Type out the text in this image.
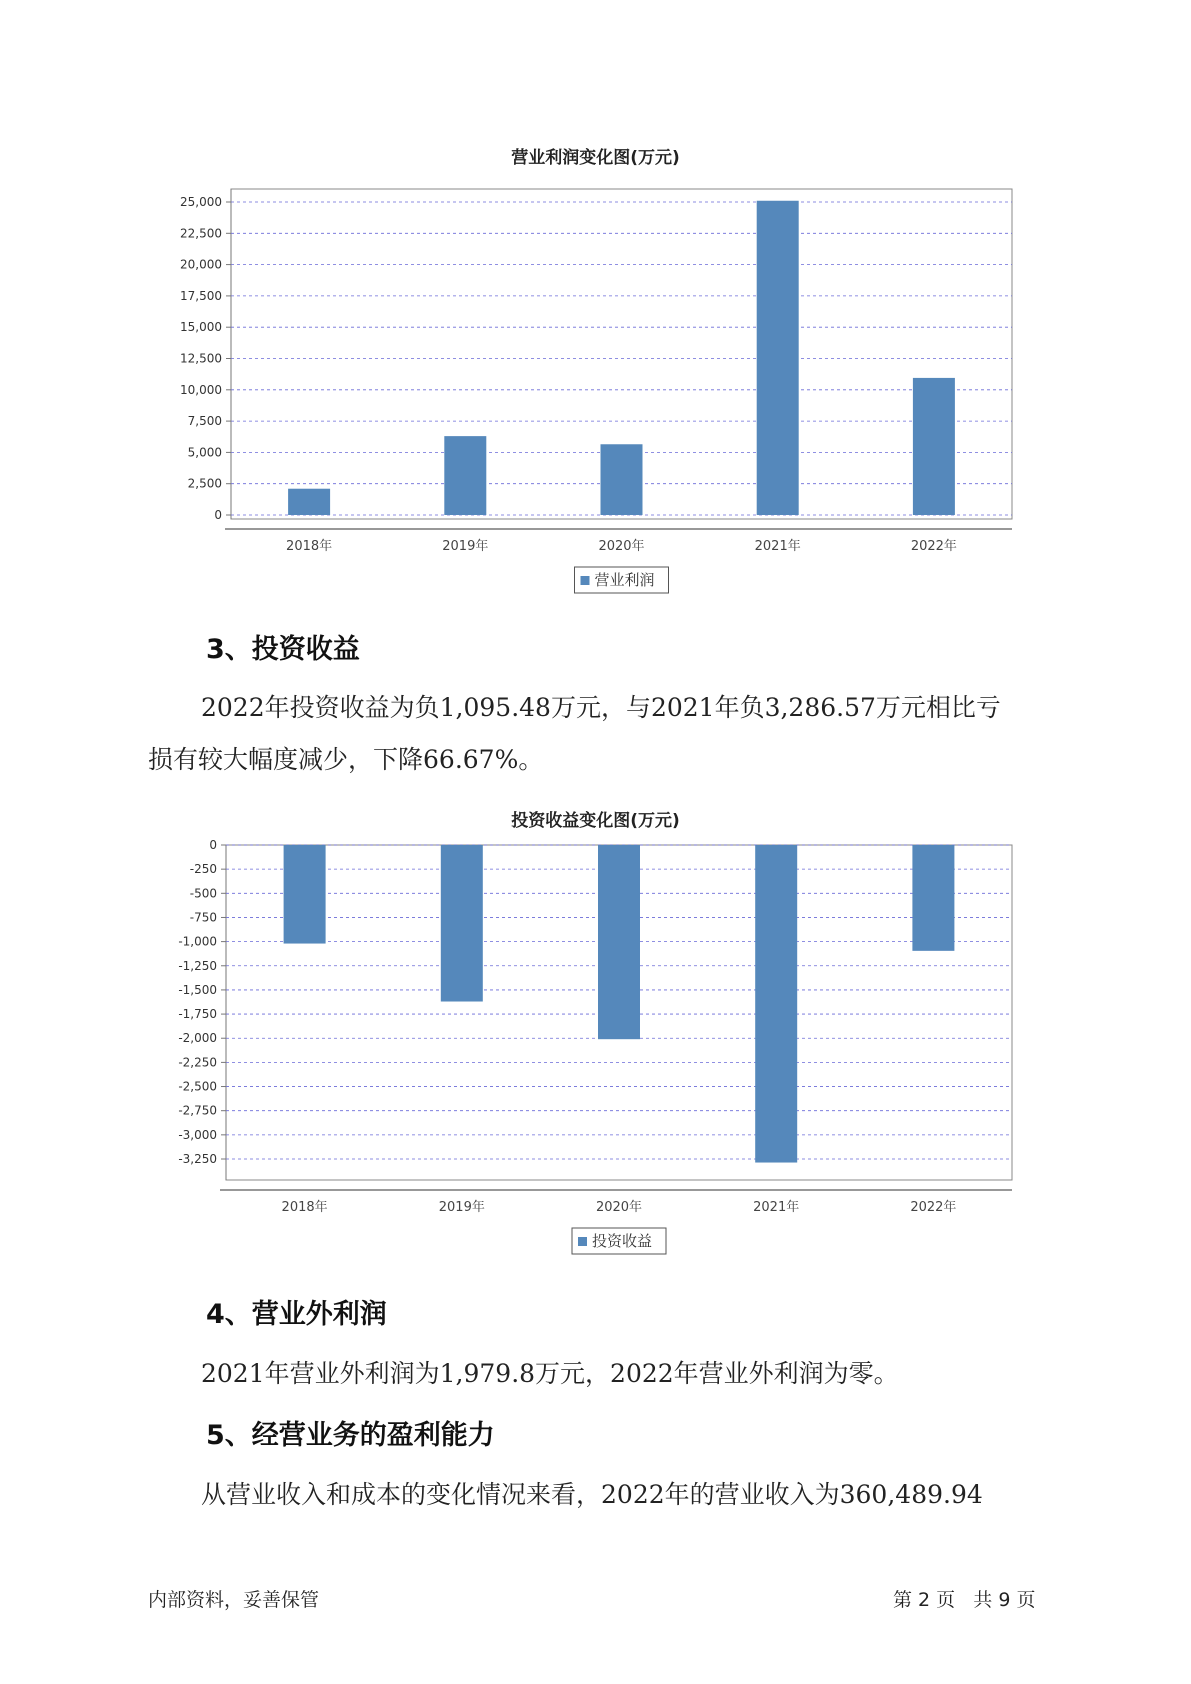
营业利润变化图(万元)
0
2,500
5,000
7,500
10,000
12,500
15,000
17,500
20,000
22,500
25,000
2018年	2019年	2020年	2021年	2022年
营业利润
3、投资收益
2022年投资收益为负1,095.48万元，与2021年负3,286.57万元相比亏
损有较大幅度减少，下降66.67%。
投资收益变化图(万元)
0
-250
-500
-750
-1,000
-1,250
-1,500
-1,750
-2,000
-2,250
-2,500
-2,750
-3,000
-3,250
2018年	2019年	2020年	2021年	2022年
投资收益
4、营业外利润
2021年营业外利润为1,979.8万元，2022年营业外利润为零。
5、经营业务的盈利能力
从营业收入和成本的变化情况来看，2022年的营业收入为360,489.94
内部资料，妥善保管	第 2 页   共 9 页
